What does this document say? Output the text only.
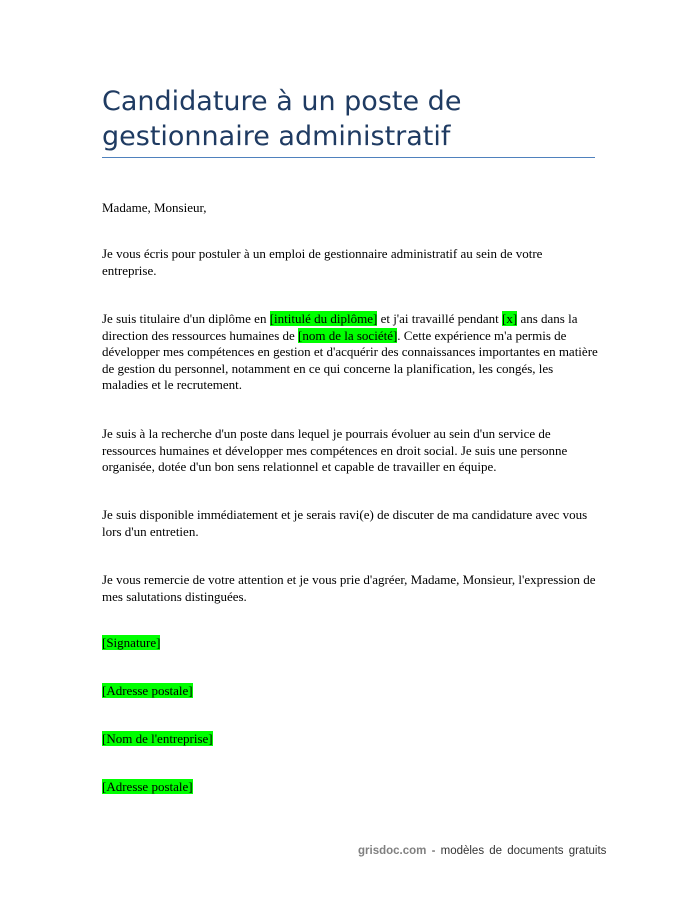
Candidature à un poste de gestionnaire administratif

Madame, Monsieur,

Je vous écris pour postuler à un emploi de gestionnaire administratif au sein de votre entreprise.

Je suis titulaire d'un diplôme en [intitulé du diplôme] et j'ai travaillé pendant [x] ans dans la direction des ressources humaines de [nom de la société]. Cette expérience m'a permis de développer mes compétences en gestion et d'acquérir des connaissances importantes en matière de gestion du personnel, notamment en ce qui concerne la planification, les congés, les maladies et le recrutement.

Je suis à la recherche d'un poste dans lequel je pourrais évoluer au sein d'un service de ressources humaines et développer mes compétences en droit social. Je suis une personne organisée, dotée d'un bon sens relationnel et capable de travailler en équipe.

Je suis disponible immédiatement et je serais ravi(e) de discuter de ma candidature avec vous lors d'un entretien.

Je vous remercie de votre attention et je vous prie d'agréer, Madame, Monsieur, l'expression de mes salutations distinguées.

[Signature]

[Adresse postale]

[Nom de l'entreprise]

[Adresse postale]

grisdoc.com - modèles de documents gratuits
